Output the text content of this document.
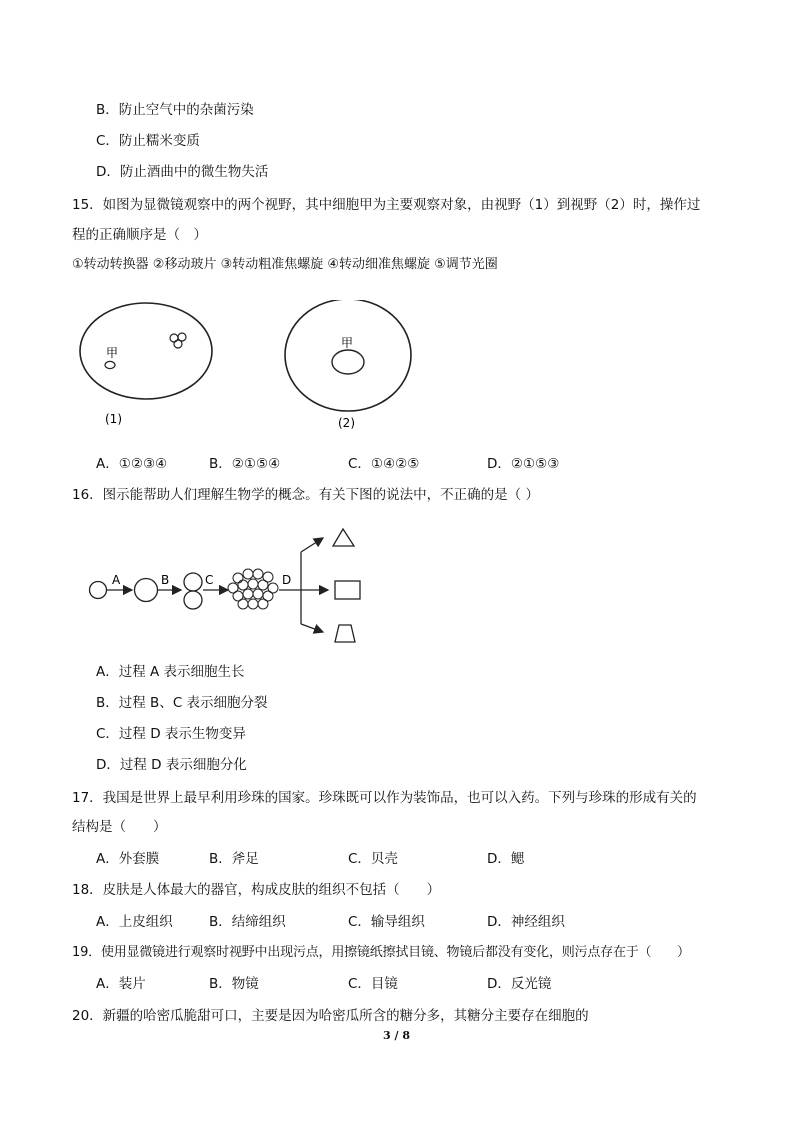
B．防止空气中的杂菌污染
C．防止糯米变质
D．防止酒曲中的微生物失活
15．如图为显微镜观察中的两个视野，其中细胞甲为主要观察对象，由视野（1）到视野（2）时，操作过
程的正确顺序是（　）
①转动转换器 ②移动玻片 ③转动粗准焦螺旋 ④转动细准焦螺旋 ⑤调节光圈
甲
(1)
甲
(2)
A．①②③④	B．②①⑤④	C．①④②⑤	D．②①⑤③
16．图示能帮助人们理解生物学的概念。有关下图的说法中，不正确的是（ ）
A	B	C	D
A．过程 A 表示细胞生长
B．过程 B、C 表示细胞分裂
C．过程 D 表示生物变异
D．过程 D 表示细胞分化
17．我国是世界上最早利用珍珠的国家。珍珠既可以作为装饰品，也可以入药。下列与珍珠的形成有关的
结构是（　　）
A．外套膜	B．斧足	C．贝壳	D．鳃
18．皮肤是人体最大的器官，构成皮肤的组织不包括（　　）
A．上皮组织	B．结缔组织	C．输导组织	D．神经组织
19．使用显微镜进行观察时视野中出现污点，用擦镜纸擦拭目镜、物镜后都没有变化，则污点存在于（　　）
A．装片	B．物镜	C．目镜	D．反光镜
20．新疆的哈密瓜脆甜可口，主要是因为哈密瓜所含的糖分多，其糖分主要存在细胞的
3 / 8
